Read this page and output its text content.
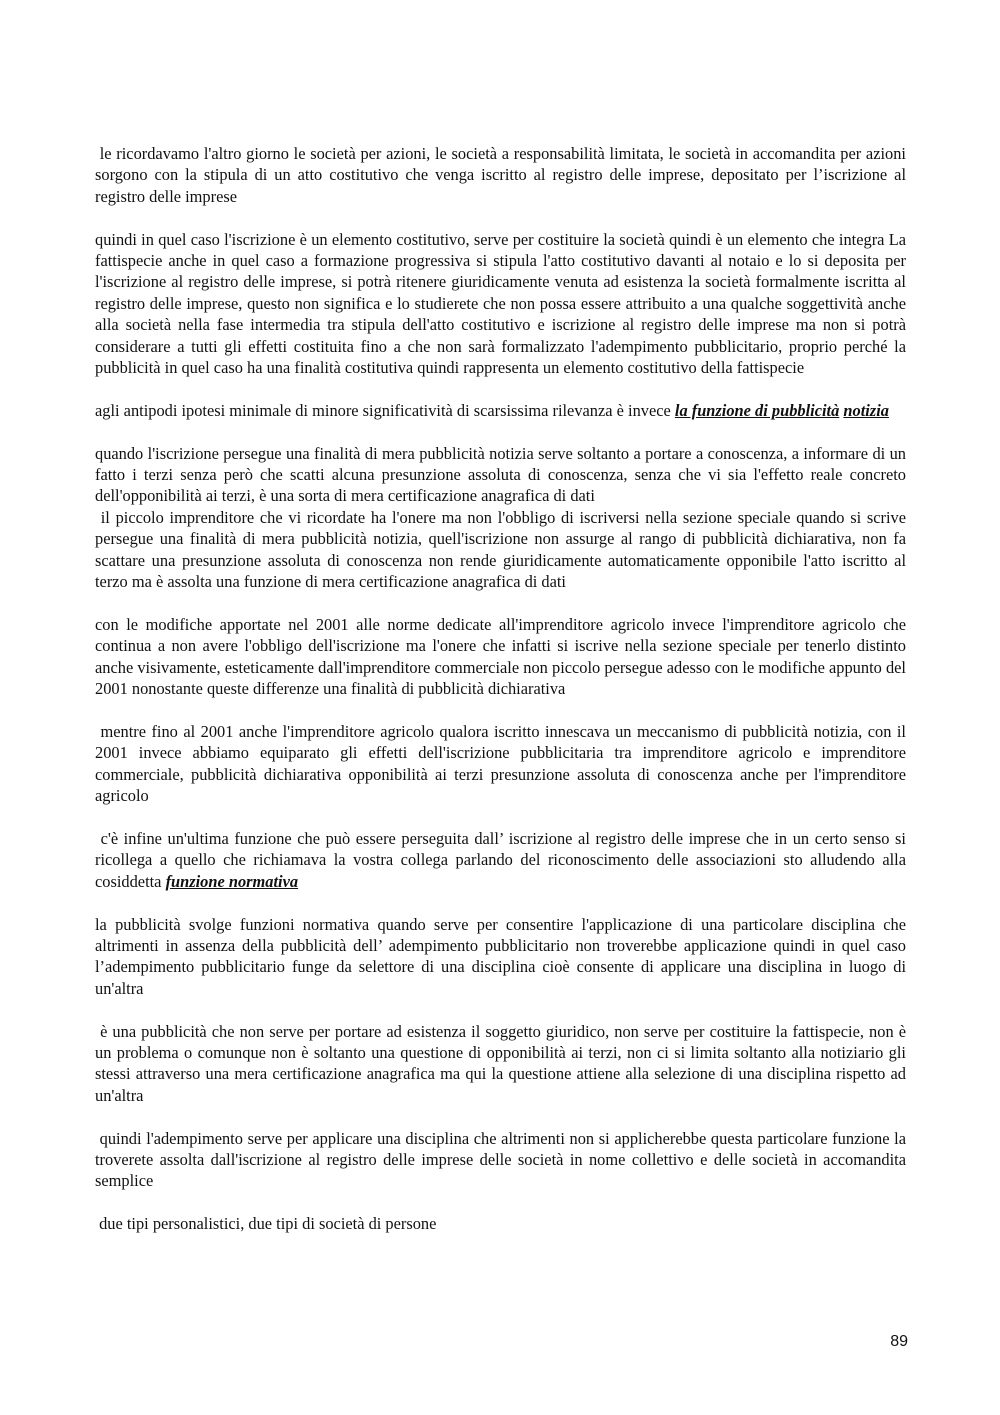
le ricordavamo l'altro giorno le società per azioni, le società a responsabilità limitata, le società in accomandita per azioni sorgono con la stipula di un atto costitutivo che venga iscritto al registro delle imprese, depositato per l’iscrizione al registro delle imprese

quindi in quel caso l'iscrizione è un elemento costitutivo, serve per costituire la società quindi è un elemento che integra La fattispecie anche in quel caso a formazione progressiva si stipula l'atto costitutivo davanti al notaio e lo si deposita per l'iscrizione al registro delle imprese, si potrà ritenere giuridicamente venuta ad esistenza la società formalmente iscritta al registro delle imprese, questo non significa e lo studierete che non possa essere attribuito a una qualche soggettività anche alla società nella fase intermedia tra stipula dell'atto costitutivo e iscrizione al registro delle imprese ma non si potrà considerare a tutti gli effetti costituita fino a che non sarà formalizzato l'adempimento pubblicitario, proprio perché la pubblicità in quel caso ha una finalità costitutiva quindi rappresenta un elemento costitutivo della fattispecie

agli antipodi ipotesi minimale di minore significatività di scarsissima rilevanza è invece la funzione di pubblicità notizia

quando l'iscrizione persegue una finalità di mera pubblicità notizia serve soltanto a portare a conoscenza, a informare di un fatto i terzi senza però che scatti alcuna presunzione assoluta di conoscenza, senza che vi sia l'effetto reale concreto dell'opponibilità ai terzi, è una sorta di mera certificazione anagrafica di dati

il piccolo imprenditore che vi ricordate ha l'onere ma non l'obbligo di iscriversi nella sezione speciale quando si scrive persegue una finalità di mera pubblicità notizia, quell'iscrizione non assurge al rango di pubblicità dichiarativa, non fa scattare una presunzione assoluta di conoscenza non rende giuridicamente automaticamente opponibile l'atto iscritto al terzo ma è assolta una funzione di mera certificazione anagrafica di dati

con le modifiche apportate nel 2001 alle norme dedicate all'imprenditore agricolo invece l'imprenditore agricolo che continua a non avere l'obbligo dell'iscrizione ma l'onere che infatti si iscrive nella sezione speciale per tenerlo distinto anche visivamente, esteticamente dall'imprenditore commerciale non piccolo persegue adesso con le modifiche appunto del 2001 nonostante queste differenze una finalità di pubblicità dichiarativa

mentre fino al 2001 anche l'imprenditore agricolo qualora iscritto innescava un meccanismo di pubblicità notizia, con il 2001 invece abbiamo equiparato gli effetti dell'iscrizione pubblicitaria tra imprenditore agricolo e imprenditore commerciale, pubblicità dichiarativa opponibilità ai terzi presunzione assoluta di conoscenza anche per l'imprenditore agricolo

c'è infine un'ultima funzione che può essere perseguita dall’ iscrizione al registro delle imprese che in un certo senso si ricollega a quello che richiamava la vostra collega parlando del riconoscimento delle associazioni sto alludendo alla cosiddetta funzione normativa

la pubblicità svolge funzioni normativa quando serve per consentire l'applicazione di una particolare disciplina che altrimenti in assenza della pubblicità dell’ adempimento pubblicitario non troverebbe applicazione quindi in quel caso l’adempimento pubblicitario funge da selettore di una disciplina cioè consente di applicare una disciplina in luogo di un'altra

è una pubblicità che non serve per portare ad esistenza il soggetto giuridico, non serve per costituire la fattispecie, non è un problema o comunque non è soltanto una questione di opponibilità ai terzi, non ci si limita soltanto alla notiziario gli stessi attraverso una mera certificazione anagrafica ma qui la questione attiene alla selezione di una disciplina rispetto ad un'altra

quindi l'adempimento serve per applicare una disciplina che altrimenti non si applicherebbe questa particolare funzione la troverete assolta dall'iscrizione al registro delle imprese delle società in nome collettivo e delle società in accomandita semplice

due tipi personalistici, due tipi di società di persone

89
